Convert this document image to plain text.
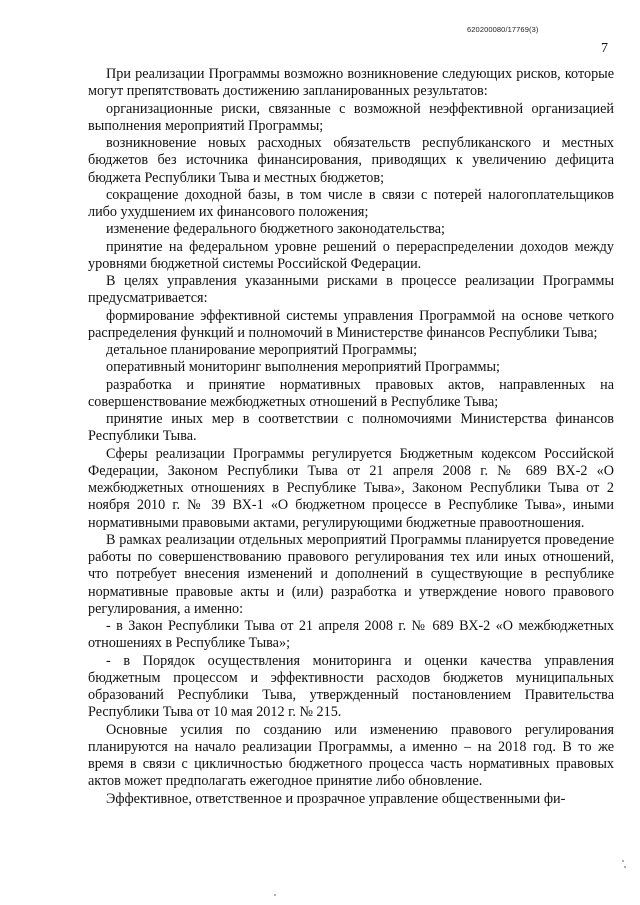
620200080/17769(3)
7

При реализации Программы возможно возникновение следующих рисков, которые могут препятствовать достижению запланированных результатов:

организационные риски, связанные с возможной неэффективной организацией выполнения мероприятий Программы;

возникновение новых расходных обязательств республиканского и местных бюджетов без источника финансирования, приводящих к увеличению дефицита бюджета Республики Тыва и местных бюджетов;

сокращение доходной базы, в том числе в связи с потерей налогоплательщиков либо ухудшением их финансового положения;

изменение федерального бюджетного законодательства;

принятие на федеральном уровне решений о перераспределении доходов между уровнями бюджетной системы Российской Федерации.

В целях управления указанными рисками в процессе реализации Программы предусматривается:

формирование эффективной системы управления Программой на основе четкого распределения функций и полномочий в Министерстве финансов Республики Тыва;

детальное планирование мероприятий Программы;

оперативный мониторинг выполнения мероприятий Программы;

разработка и принятие нормативных правовых актов, направленных на совершенствование межбюджетных отношений в Республике Тыва;

принятие иных мер в соответствии с полномочиями Министерства финансов Республики Тыва.

Сферы реализации Программы регулируется Бюджетным кодексом Российской Федерации, Законом Республики Тыва от 21 апреля 2008 г. № 689 ВХ-2 «О межбюджетных отношениях в Республике Тыва», Законом Республики Тыва от 2 ноября 2010 г. № 39 ВХ-1 «О бюджетном процессе в Республике Тыва», иными нормативными правовыми актами, регулирующими бюджетные правоотношения.

В рамках реализации отдельных мероприятий Программы планируется проведение работы по совершенствованию правового регулирования тех или иных отношений, что потребует внесения изменений и дополнений в существующие в республике нормативные правовые акты и (или) разработка и утверждение нового правового регулирования, а именно:

- в Закон Республики Тыва от 21 апреля 2008 г. № 689 ВХ-2 «О межбюджетных отношениях в Республике Тыва»;

- в Порядок осуществления мониторинга и оценки качества управления бюджетным процессом и эффективности расходов бюджетов муниципальных образований Республики Тыва, утвержденный постановлением Правительства Республики Тыва от 10 мая 2012 г. № 215.

Основные усилия по созданию или изменению правового регулирования планируются на начало реализации Программы, а именно – на 2018 год. В то же время в связи с цикличностью бюджетного процесса часть нормативных правовых актов может предполагать ежегодное принятие либо обновление.

Эффективное, ответственное и прозрачное управление общественными фи-
